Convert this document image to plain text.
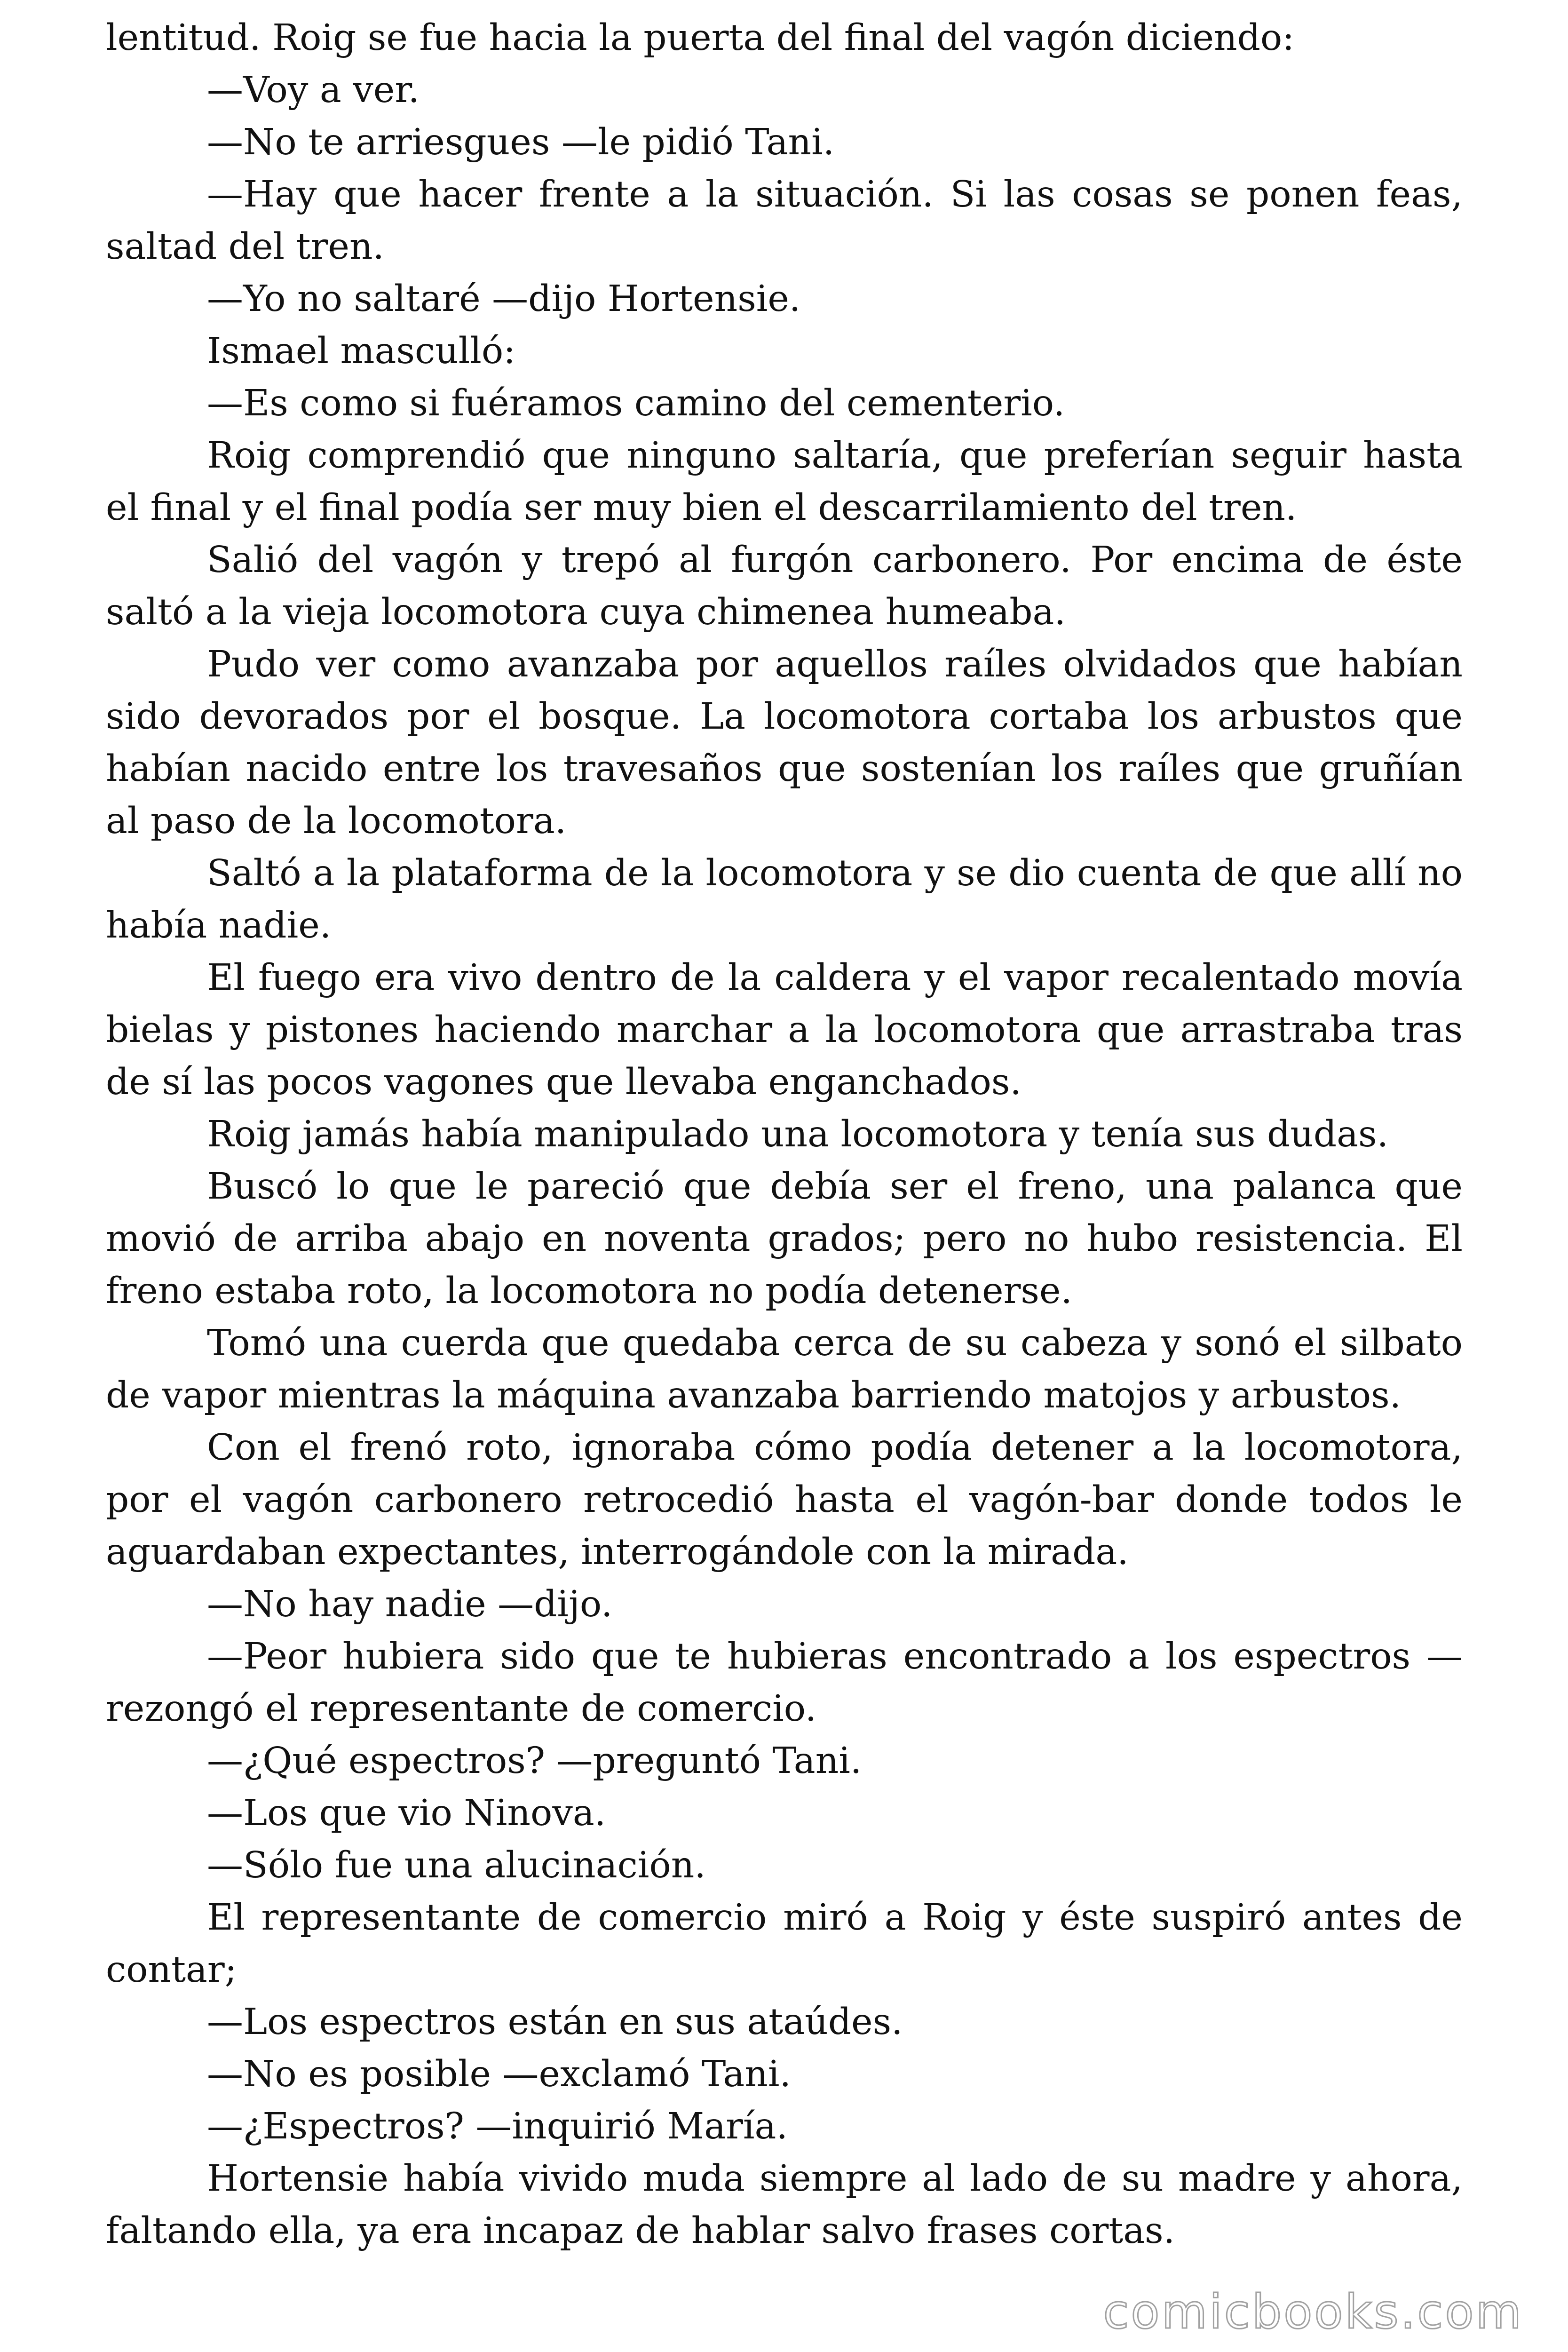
lentitud. Roig se fue hacia la puerta del final del vagón diciendo:

—Voy a ver.

—No te arriesgues —le pidió Tani.

—Hay que hacer frente a la situación. Si las cosas se ponen feas, saltad del tren.

—Yo no saltaré —dijo Hortensie.

Ismael masculló:

—Es como si fuéramos camino del cementerio.

Roig comprendió que ninguno saltaría, que preferían seguir hasta el final y el final podía ser muy bien el descarrilamiento del tren.

Salió del vagón y trepó al furgón carbonero. Por encima de éste saltó a la vieja locomotora cuya chimenea humeaba.

Pudo ver como avanzaba por aquellos raíles olvidados que habían sido devorados por el bosque. La locomotora cortaba los arbustos que habían nacido entre los travesaños que sostenían los raíles que gruñían al paso de la locomotora.

Saltó a la plataforma de la locomotora y se dio cuenta de que allí no había nadie.

El fuego era vivo dentro de la caldera y el vapor recalentado movía bielas y pistones haciendo marchar a la locomotora que arrastraba tras de sí las pocos vagones que llevaba enganchados.

Roig jamás había manipulado una locomotora y tenía sus dudas.

Buscó lo que le pareció que debía ser el freno, una palanca que movió de arriba abajo en noventa grados; pero no hubo resistencia. El freno estaba roto, la locomotora no podía detenerse.

Tomó una cuerda que quedaba cerca de su cabeza y sonó el silbato de vapor mientras la máquina avanzaba barriendo matojos y arbustos.

Con el frenó roto, ignoraba cómo podía detener a la locomotora, por el vagón carbonero retrocedió hasta el vagón-bar donde todos le aguardaban expectantes, interrogándole con la mirada.

—No hay nadie —dijo.

—Peor hubiera sido que te hubieras encontrado a los espectros —rezongó el representante de comercio.

—¿Qué espectros? —preguntó Tani.

—Los que vio Ninova.

—Sólo fue una alucinación.

El representante de comercio miró a Roig y éste suspiró antes de contar;

—Los espectros están en sus ataúdes.

—No es posible —exclamó Tani.

—¿Espectros? —inquirió María.

Hortensie había vivido muda siempre al lado de su madre y ahora, faltando ella, ya era incapaz de hablar salvo frases cortas.

comicbooks.com
